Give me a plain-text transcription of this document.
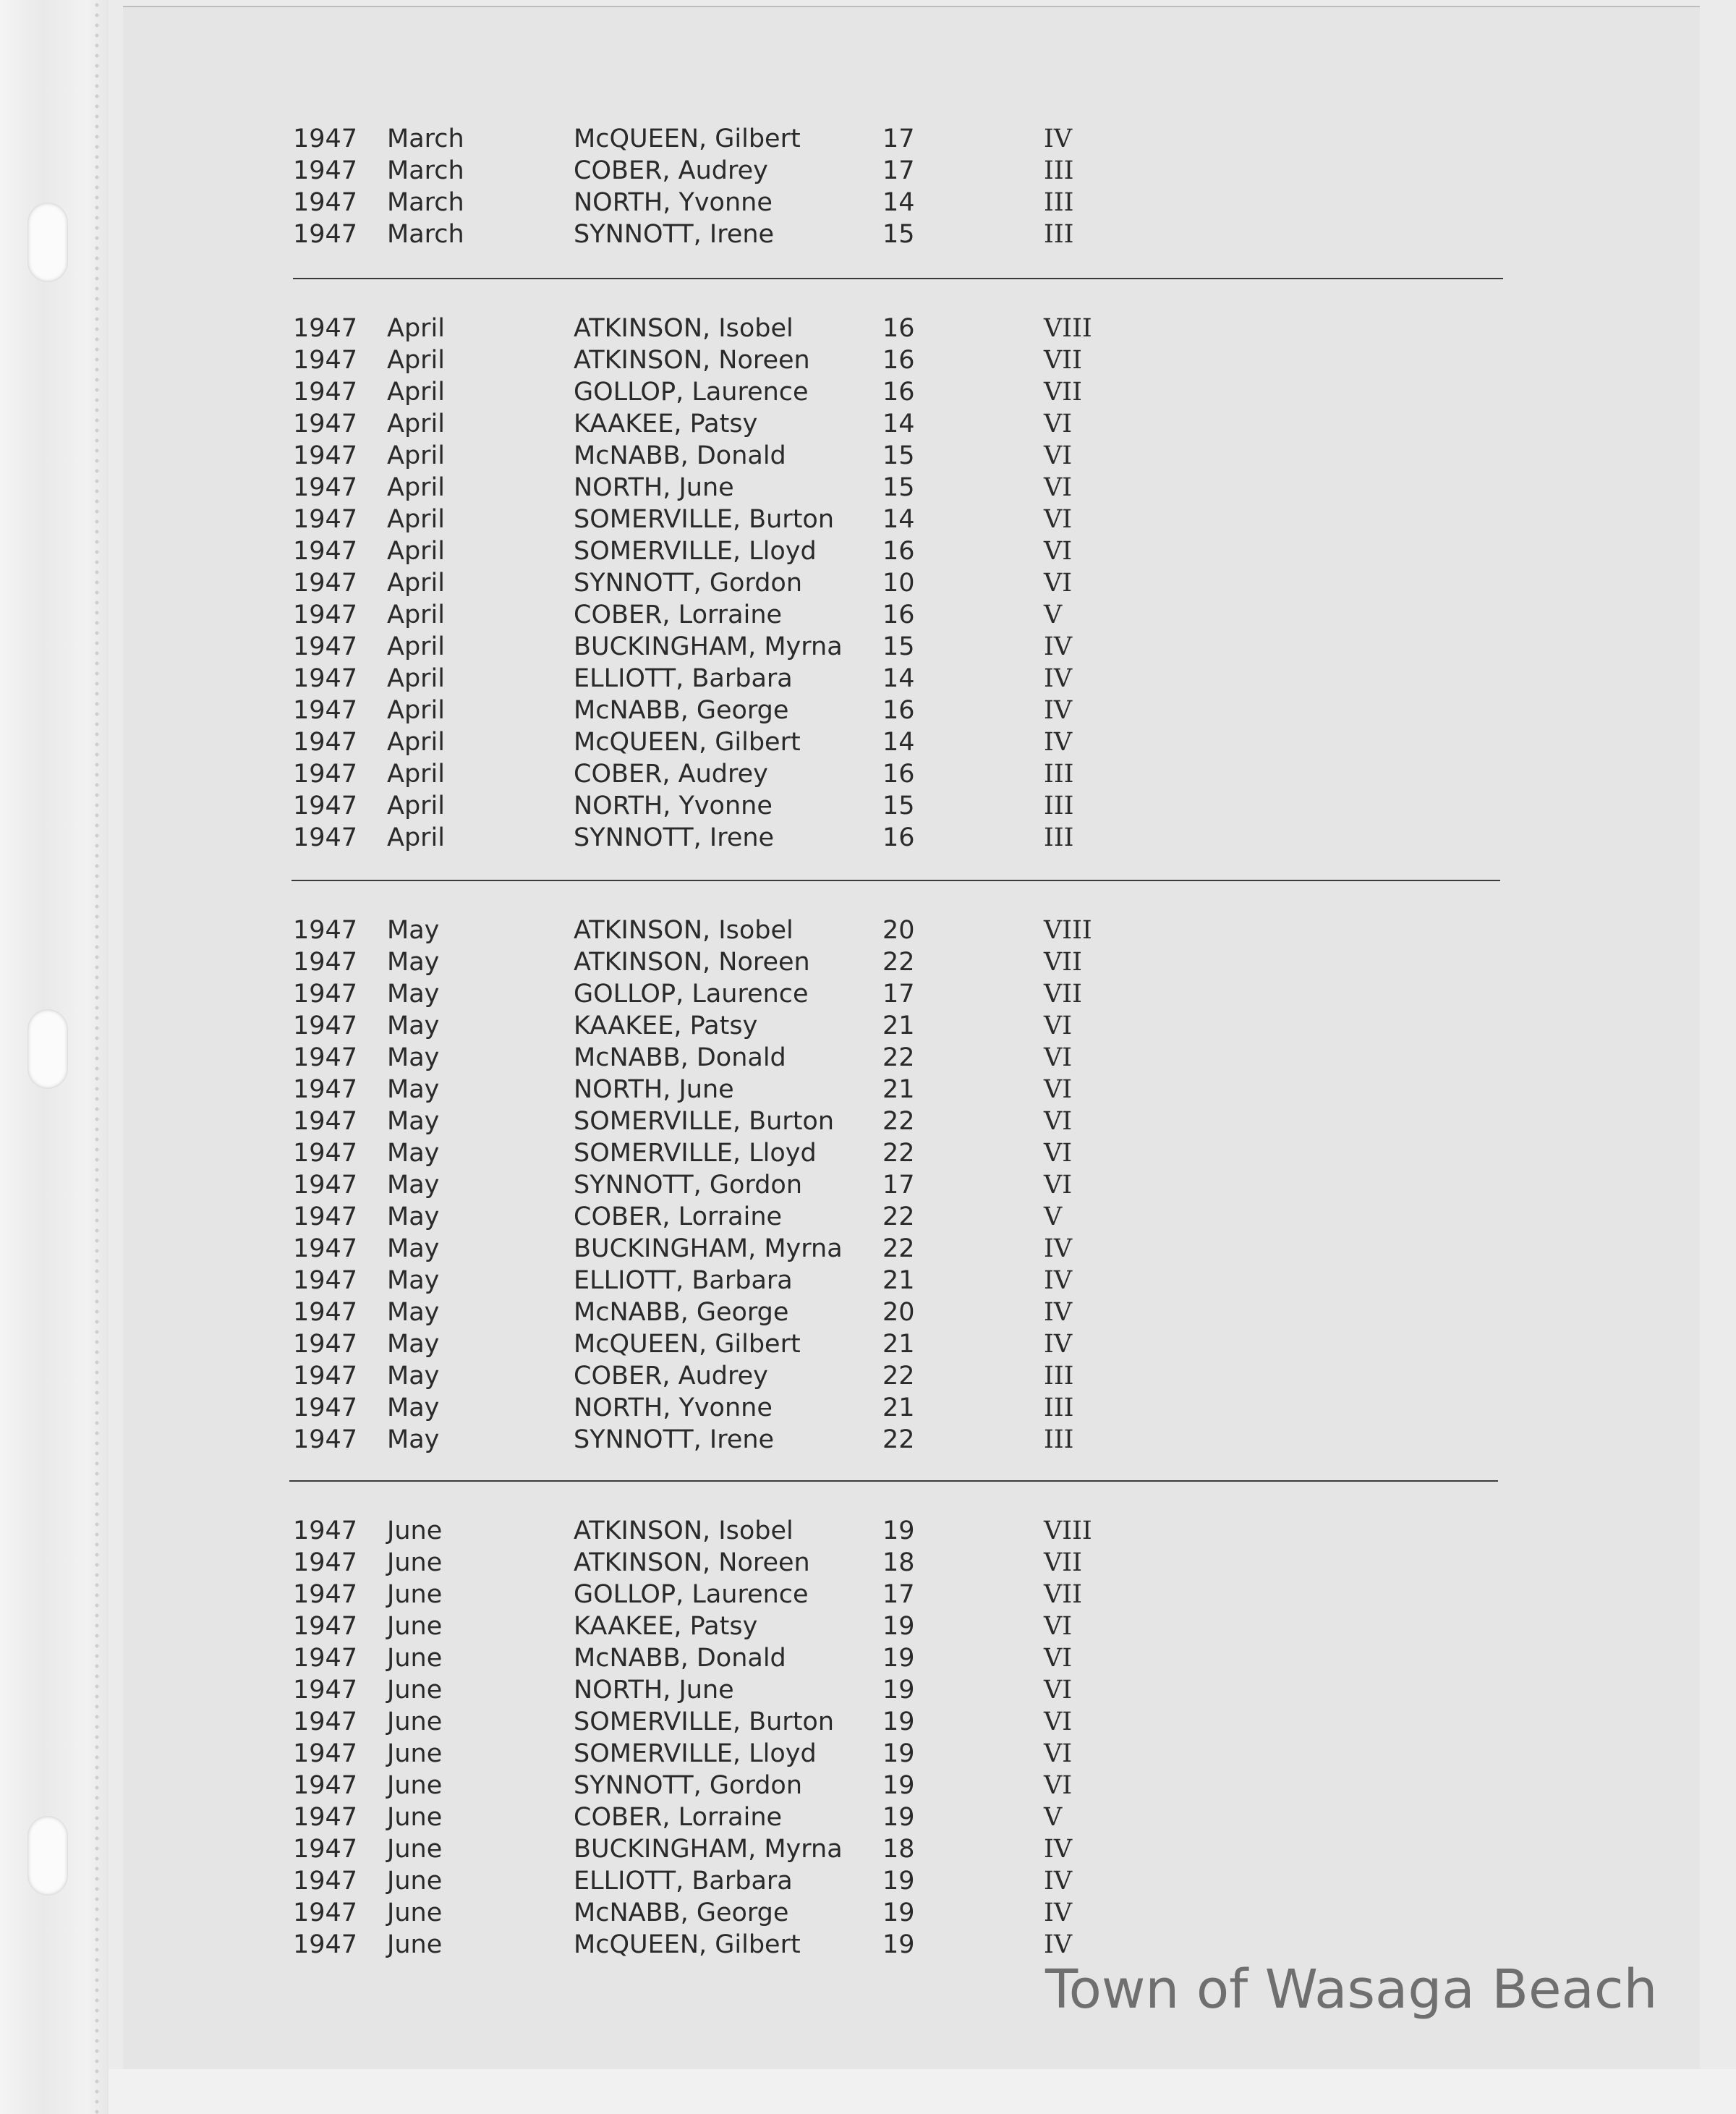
1947 March	McQUEEN, Gilbert	17	IV
1947 March	COBER, Audrey	17	III
1947 March	NORTH, Yvonne	14	III
1947 March	SYNNOTT, Irene	15	III
1947 April	ATKINSON, Isobel	16	VIII
1947 April	ATKINSON, Noreen	16	VII
1947 April	GOLLOP, Laurence	16	VII
1947 April	KAAKEE, Patsy	14	VI
1947 April	McNABB, Donald	15	VI
1947 April	NORTH, June	15	VI
1947 April	SOMERVILLE, Burton 14	VI
1947 April	SOMERVILLE, Lloyd	16	VI
1947 April	SYNNOTT, Gordon	10	VI
1947 April	COBER, Lorraine	16	V
1947 April	BUCKINGHAM, Myrna 15	IV
1947 April	ELLIOTT, Barbara	14	IV
1947 April	McNABB, George	16	IV
1947 April	McQUEEN, Gilbert	14	IV
1947 April	COBER, Audrey	16	III
1947 April	NORTH, Yvonne	15	III
1947 April	SYNNOTT, Irene	16	III
1947 May	ATKINSON, Isobel	20	VIII
1947 May	ATKINSON, Noreen	22	VII
1947 May	GOLLOP, Laurence	17	VII
1947 May	KAAKEE, Patsy	21	VI
1947 May	McNABB, Donald	22	VI
1947 May	NORTH, June	21	VI
1947 May	SOMERVILLE, Burton 22	VI
1947 May	SOMERVILLE, Lloyd	22	VI
1947 May	SYNNOTT, Gordon	17	VI
1947 May	COBER, Lorraine	22	V
1947 May	BUCKINGHAM, Myrna 22	IV
1947 May	ELLIOTT, Barbara	21	IV
1947 May	McNABB, George	20	IV
1947 May	McQUEEN, Gilbert	21	IV
1947 May	COBER, Audrey	22	III
1947 May	NORTH, Yvonne	21	III
1947 May	SYNNOTT, Irene	22	III
1947 June	ATKINSON, Isobel	19	VIII
1947 June	ATKINSON, Noreen	18	VII
1947 June	GOLLOP, Laurence	17	VII
1947 June	KAAKEE, Patsy	19	VI
1947 June	McNABB, Donald	19	VI
1947 June	NORTH, June	19	VI
1947 June	SOMERVILLE, Burton 19	VI
1947 June	SOMERVILLE, Lloyd	19	VI
1947 June	SYNNOTT, Gordon	19	VI
1947 June	COBER, Lorraine	19	V
1947 June	BUCKINGHAM, Myrna 18	IV
1947 June	ELLIOTT, Barbara	19	IV
1947 June	McNABB, George	19	IV
1947 June	McQUEEN, Gilbert	19	IV
Town of Wasaga Beach
